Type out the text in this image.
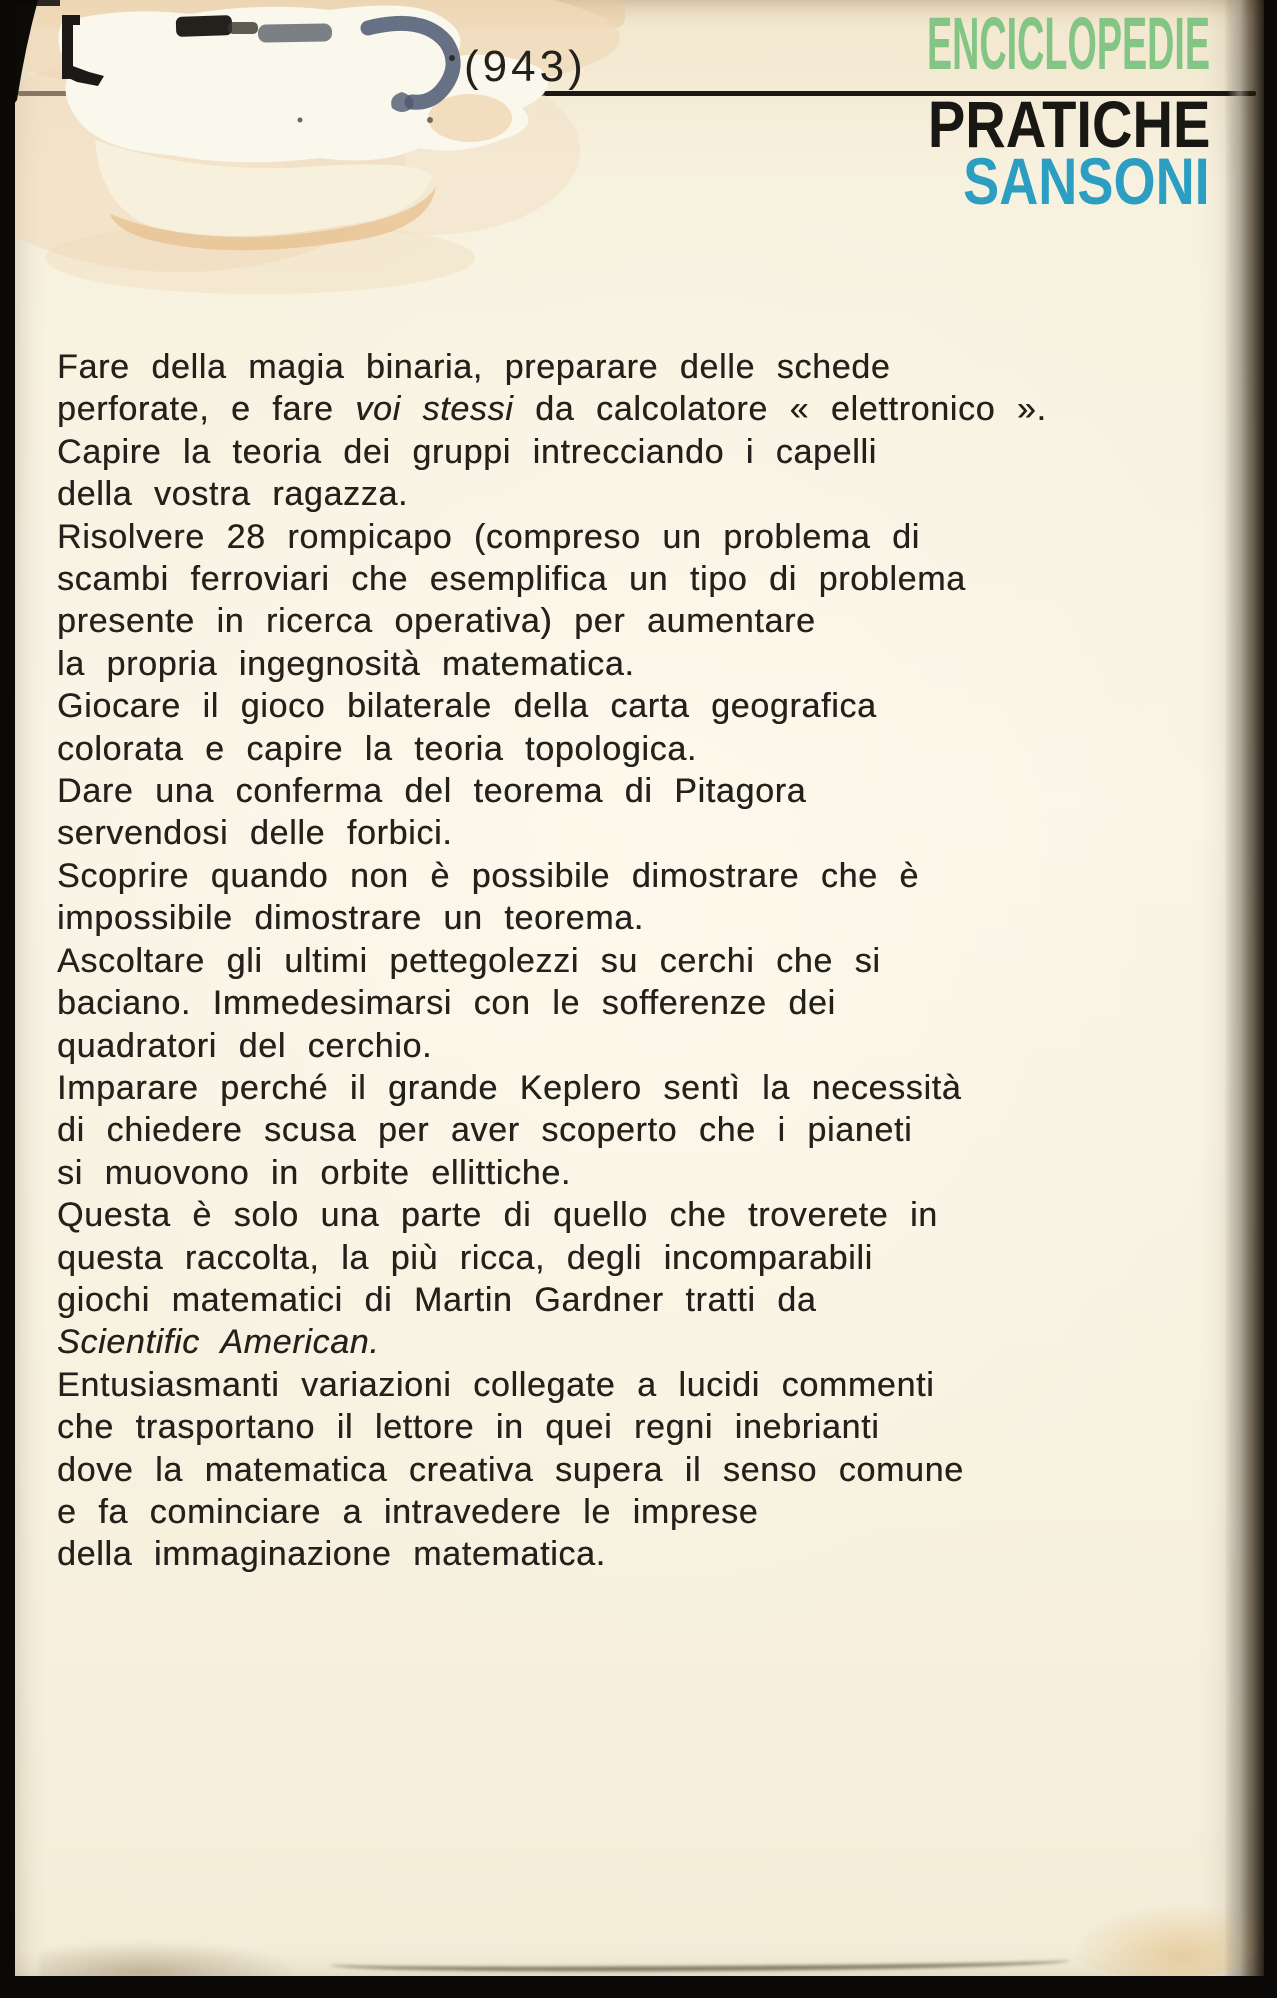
(943)	ENCICLOPEDIE
PRATICHE
SANSONI
Fare della magia binaria, preparare delle schede
perforate, e fare voi stessi da calcolatore « elettronico ».
Capire la teoria dei gruppi intrecciando i capelli
della vostra ragazza.
Risolvere 28 rompicapo (compreso un problema di
scambi ferroviari che esemplifica un tipo di problema
presente in ricerca operativa) per aumentare
la propria ingegnosità matematica.
Giocare il gioco bilaterale della carta geografica
colorata e capire la teoria topologica.
Dare una conferma del teorema di Pitagora
servendosi delle forbici.
Scoprire quando non è possibile dimostrare che è
impossibile dimostrare un teorema.
Ascoltare gli ultimi pettegolezzi su cerchi che si
baciano. Immedesimarsi con le sofferenze dei
quadratori del cerchio.
Imparare perché il grande Keplero sentì la necessità
di chiedere scusa per aver scoperto che i pianeti
si muovono in orbite ellittiche.
Questa è solo una parte di quello che troverete in
questa raccolta, la più ricca, degli incomparabili
giochi matematici di Martin Gardner tratti da
Scientific American.
Entusiasmanti variazioni collegate a lucidi commenti
che trasportano il lettore in quei regni inebrianti
dove la matematica creativa supera il senso comune
e fa cominciare a intravedere le imprese
della immaginazione matematica.
